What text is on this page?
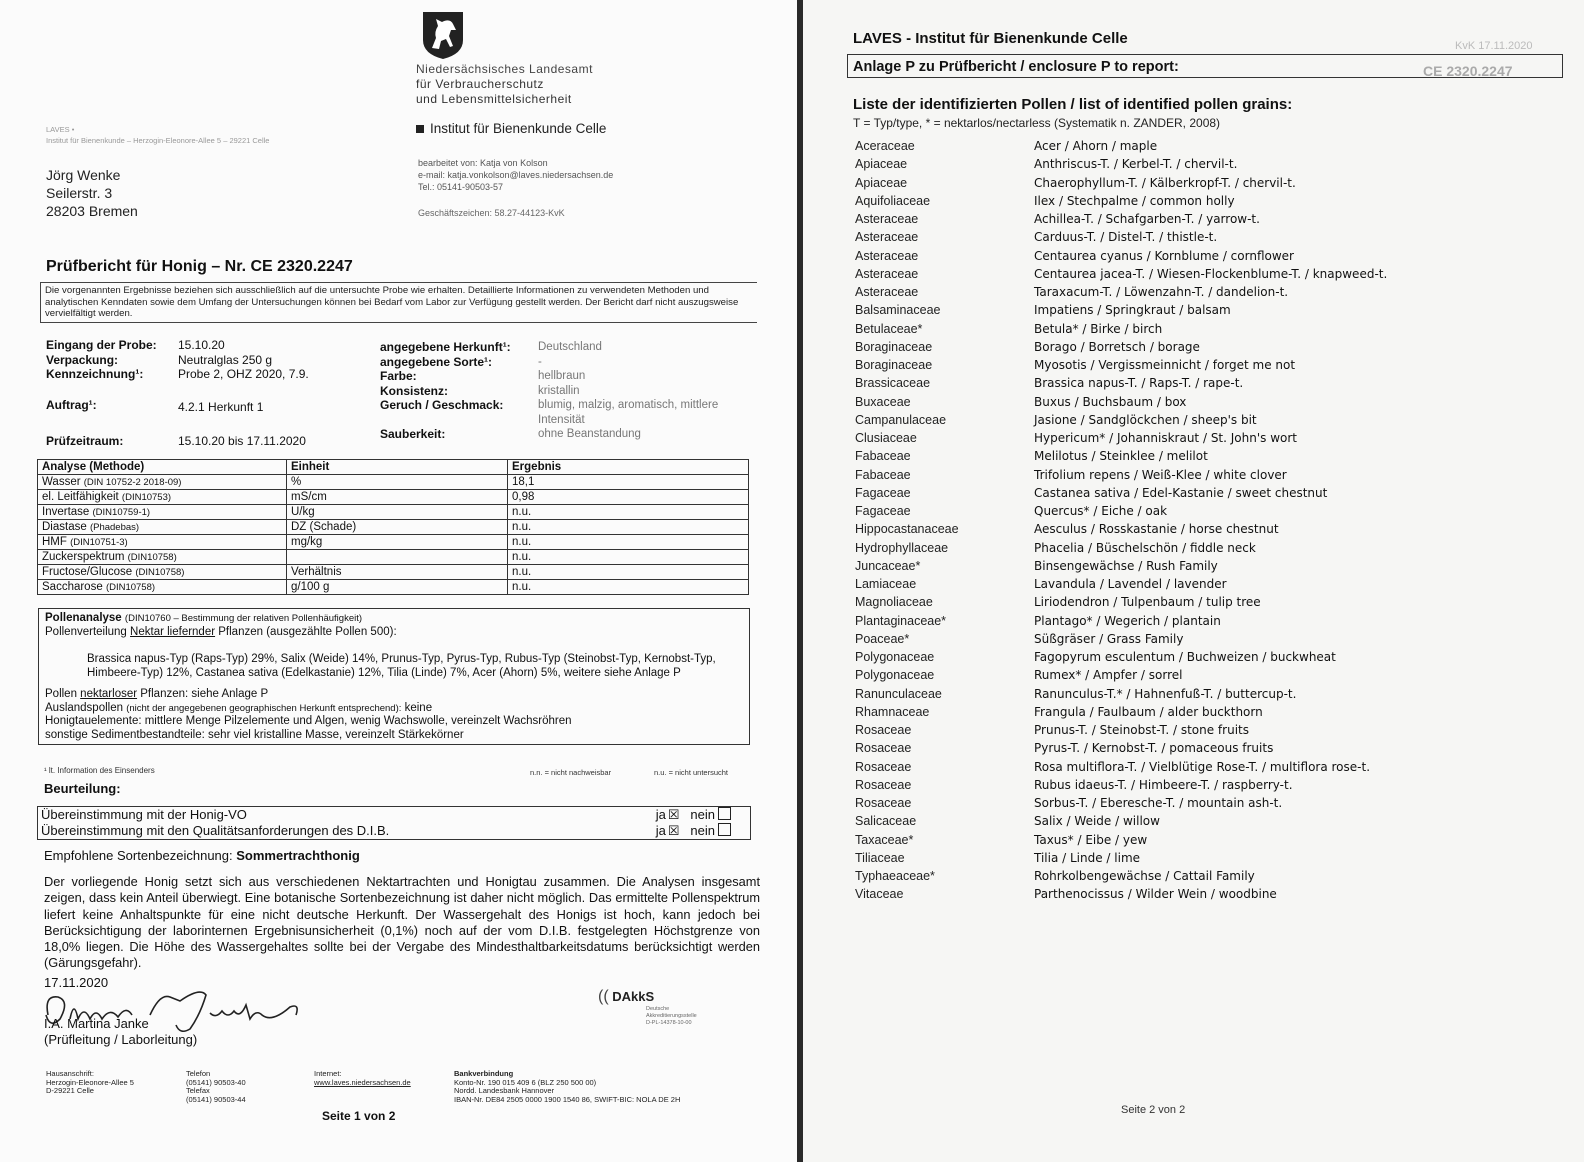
Niedersächsisches Landesamt
für Verbraucherschutz
und Lebensmittelsicherheit
Institut für Bienenkunde Celle
bearbeitet von: Katja von Kolson
e-mail: katja.vonkolson@laves.niedersachsen.de
Tel.: 05141-90503-57
Geschäftszeichen: 58.27-44123-KvK
LAVES •
Institut für Bienenkunde – Herzogin-Eleonore-Allee 5 – 29221 Celle
Jörg Wenke
Seilerstr. 3
28203 Bremen
Prüfbericht für Honig – Nr. CE 2320.2247
Die vorgenannten Ergebnisse beziehen sich ausschließlich auf die untersuchte Probe wie erhalten. Detaillierte Informationen zu verwendeten Methoden und analytischen Kenndaten sowie dem Umfang der Untersuchungen können bei Bedarf vom Labor zur Verfügung gestellt werden. Der Bericht darf nicht auszugsweise vervielfältigt werden.
Eingang der Probe:	15.10.20
Verpackung:	Neutralglas 250 g
Kennzeichnung¹:	Probe 2, OHZ 2020, 7.9.
Auftrag¹:	4.2.1 Herkunft 1
Prüfzeitraum:	15.10.20 bis 17.11.2020
angegebene Herkunft¹:	Deutschland
angegebene Sorte¹:	-
Farbe:	hellbraun
Konsistenz:	kristallin
Geruch / Geschmack:	blumig, malzig, aromatisch, mittlere Intensität
Sauberkeit:	ohne Beanstandung
Analyse (Methode)	Einheit	Ergebnis
Wasser (DIN 10752-2 2018-09)	%	18,1
el. Leitfähigkeit (DIN10753)	mS/cm	0,98
Invertase (DIN10759-1)	U/kg	n.u.
Diastase (Phadebas)	DZ (Schade)	n.u.
HMF (DIN10751-3)	mg/kg	n.u.
Zuckerspektrum (DIN10758)		n.u.
Fructose/Glucose (DIN10758)	Verhältnis	n.u.
Saccharose (DIN10758)	g/100 g	n.u.
Pollenanalyse (DIN10760 – Bestimmung der relativen Pollenhäufigkeit)
Pollenverteilung Nektar liefernder Pflanzen (ausgezählte Pollen 500):
Brassica napus-Typ (Raps-Typ) 29%, Salix (Weide) 14%, Prunus-Typ, Pyrus-Typ, Rubus-Typ (Steinobst-Typ, Kernobst-Typ, Himbeere-Typ) 12%, Castanea sativa (Edelkastanie) 12%, Tilia (Linde) 7%, Acer (Ahorn) 5%, weitere siehe Anlage P
Pollen nektarloser Pflanzen: siehe Anlage P
Auslandspollen (nicht der angegebenen geographischen Herkunft entsprechend): keine
Honigtauelemente: mittlere Menge Pilzelemente und Algen, wenig Wachswolle, vereinzelt Wachsröhren
sonstige Sedimentbestandteile: sehr viel kristalline Masse, vereinzelt Stärkekörner
¹ lt. Information des Einsenders	n.n. = nicht nachweisbar	n.u. = nicht untersucht
Beurteilung:
Übereinstimmung mit der Honig-VO	ja ☒ nein
Übereinstimmung mit den Qualitätsanforderungen des D.I.B.	ja ☒ nein
Empfohlene Sortenbezeichnung: Sommertrachthonig
Der vorliegende Honig setzt sich aus verschiedenen Nektartrachten und Honigtau zusammen. Die Analysen insgesamt zeigen, dass kein Anteil überwiegt. Eine botanische Sortenbezeichnung ist daher nicht möglich. Das ermittelte Pollenspektrum liefert keine Anhaltspunkte für eine nicht deutsche Herkunft. Der Wassergehalt des Honigs ist hoch, kann jedoch bei Berücksichtigung der laborinternen Ergebnisunsicherheit (0,1%) noch auf der vom D.I.B. festgelegten Höchstgrenze von 18,0% liegen. Die Höhe des Wassergehaltes sollte bei der Vergabe des Mindesthaltbarkeitsdatums berücksichtigt werden (Gärungsgefahr).
17.11.2020
I.A. Martina Janke
(Prüfleitung / Laborleitung)
(( DAkkS
Deutsche
Akkreditierungsstelle
D-PL-14378-10-00
Hausanschrift:
Herzogin-Eleonore-Allee 5
D-29221 Celle
Telefon
(05141) 90503-40
Telefax
(05141) 90503-44
Internet:
www.laves.niedersachsen.de
Bankverbindung
Konto-Nr. 190 015 409 6 (BLZ 250 500 00)
Nordd. Landesbank Hannover
IBAN-Nr. DE84 2505 0000 1900 1540 86, SWIFT-BIC: NOLA DE 2H
Seite 1 von 2
LAVES - Institut für Bienenkunde Celle	KvK 17.11.2020
Anlage P zu Prüfbericht / enclosure P to report:	CE 2320.2247
Liste der identifizierten Pollen / list of identified pollen grains:
T = Typ/type, * = nektarlos/nectarless (Systematik n. ZANDER, 2008)
Aceraceae	Acer / Ahorn / maple
Apiaceae	Anthriscus-T. / Kerbel-T. / chervil-t.
Apiaceae	Chaerophyllum-T. / Kälberkropf-T. / chervil-t.
Aquifoliaceae	Ilex / Stechpalme / common holly
Asteraceae	Achillea-T. / Schafgarben-T. / yarrow-t.
Asteraceae	Carduus-T. / Distel-T. / thistle-t.
Asteraceae	Centaurea cyanus / Kornblume / cornflower
Asteraceae	Centaurea jacea-T. / Wiesen-Flockenblume-T. / knapweed-t.
Asteraceae	Taraxacum-T. / Löwenzahn-T. / dandelion-t.
Balsaminaceae	Impatiens / Springkraut / balsam
Betulaceae*	Betula* / Birke / birch
Boraginaceae	Borago / Borretsch / borage
Boraginaceae	Myosotis / Vergissmeinnicht / forget me not
Brassicaceae	Brassica napus-T. / Raps-T. / rape-t.
Buxaceae	Buxus / Buchsbaum / box
Campanulaceae	Jasione / Sandglöckchen / sheep's bit
Clusiaceae	Hypericum* / Johanniskraut / St. John's wort
Fabaceae	Melilotus / Steinklee / melilot
Fabaceae	Trifolium repens / Weiß-Klee / white clover
Fagaceae	Castanea sativa / Edel-Kastanie / sweet chestnut
Fagaceae	Quercus* / Eiche / oak
Hippocastanaceae	Aesculus / Rosskastanie / horse chestnut
Hydrophyllaceae	Phacelia / Büschelschön / fiddle neck
Juncaceae*	Binsengewächse / Rush Family
Lamiaceae	Lavandula / Lavendel / lavender
Magnoliaceae	Liriodendron / Tulpenbaum / tulip tree
Plantaginaceae*	Plantago* / Wegerich / plantain
Poaceae*	Süßgräser / Grass Family
Polygonaceae	Fagopyrum esculentum / Buchweizen / buckwheat
Polygonaceae	Rumex* / Ampfer / sorrel
Ranunculaceae	Ranunculus-T.* / Hahnenfuß-T. / buttercup-t.
Rhamnaceae	Frangula / Faulbaum / alder buckthorn
Rosaceae	Prunus-T. / Steinobst-T. / stone fruits
Rosaceae	Pyrus-T. / Kernobst-T. / pomaceous fruits
Rosaceae	Rosa multiflora-T. / Vielblütige Rose-T. / multiflora rose-t.
Rosaceae	Rubus idaeus-T. / Himbeere-T. / raspberry-t.
Rosaceae	Sorbus-T. / Eberesche-T. / mountain ash-t.
Salicaceae	Salix / Weide / willow
Taxaceae*	Taxus* / Eibe / yew
Tiliaceae	Tilia / Linde / lime
Typhaeaceae*	Rohrkolbengewächse / Cattail Family
Vitaceae	Parthenocissus / Wilder Wein / woodbine
Seite 2 von 2
